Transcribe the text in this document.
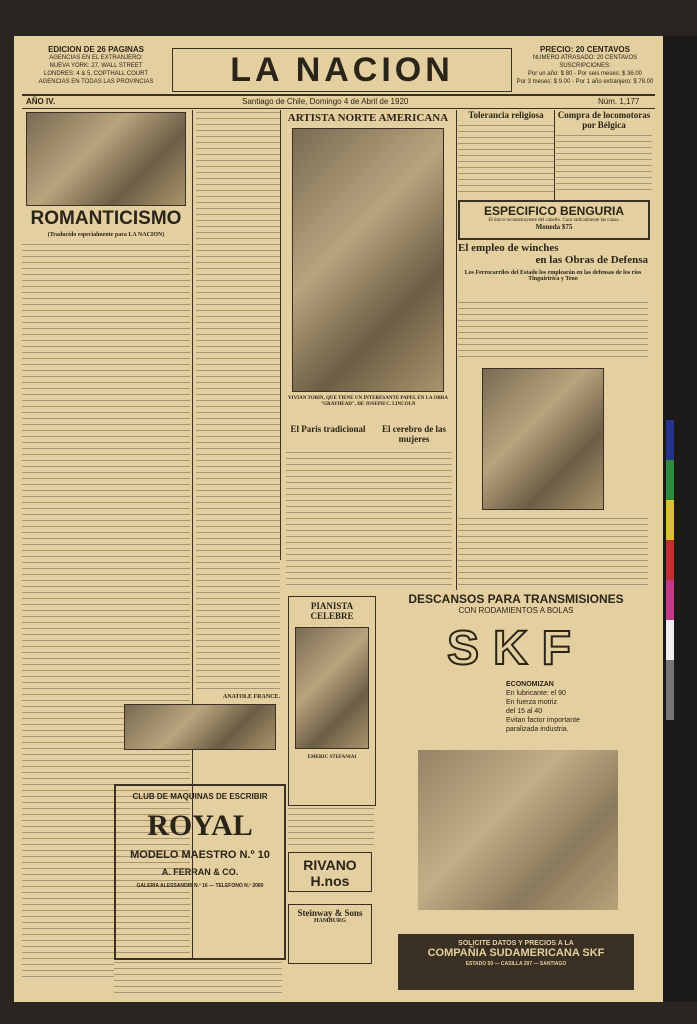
EDICION DE 26 PAGINAS
AGENCIAS EN EL EXTRANJERO:
NUEVA YORK: 27, WALL STREET
LONDRES: 4 & 5, COPTHALL COURT
AGENCIAS EN TODAS LAS PROVINCIAS	LA NACION
PRECIO: 20 CENTAVOS
NUMERO ATRASADO: 20 CENTAVOS
SUSCRIPCIONES:
Por un año: $ 80 - Por seis meses: $ 36.00
Por 3 meses: $ 9.00 - Por 1 año extranjero: $ 78.00
AÑO IV.	Santiago de Chile, Domingo 4 de Abril de 1920	Núm. 1,177
ROMANTICISMO
(Traducido especialmente para LA NACION)
ANATOLE FRANCE.
ARTISTA NORTE AMERICANA
VIVIAN TOBIN, QUE TIENE UN INTERESANTE PAPEL EN LA OBRA "GRAYHEAD", DE JOSEPH C. LINCOLN
El Paris tradicional	El cerebro de las mujeres
PIANISTA CELEBRE
EMERIC STEFANIAI
RIVANO H.nos
Steinway & Sons
HAMBURG
CLUB DE MAQUINAS DE ESCRIBIR
ROYAL
MODELO MAESTRO N.º 10
A. FERRAN & CO.
GALERIA ALESSANDRI N.º 16 — TELEFONO N.º 2060
Tolerancia religiosa	Compra de locomotoras por Bélgica
ESPECIFICO BENGURIA
El único reconstituyente del cabello. Cura radicalmente las canas.
Moneda $75
El empleo de winches
en las Obras de Defensa
Los Ferrocarriles del Estado los emplearán en las defensas de los ríos Tinguiririca y Teno
DESCANSOS PARA TRANSMISIONES
CON RODAMIENTOS A BOLAS
SKF
ECONOMIZAN
En lubricante: el 90
En fuerza motriz
del 15 al 40
Evitan factor importante
paralizada industria.
SOLICITE DATOS Y PRECIOS A LA
COMPAÑIA SUDAMERICANA SKF
ESTADO 50 — CASILLA 207 — SANTIAGO
